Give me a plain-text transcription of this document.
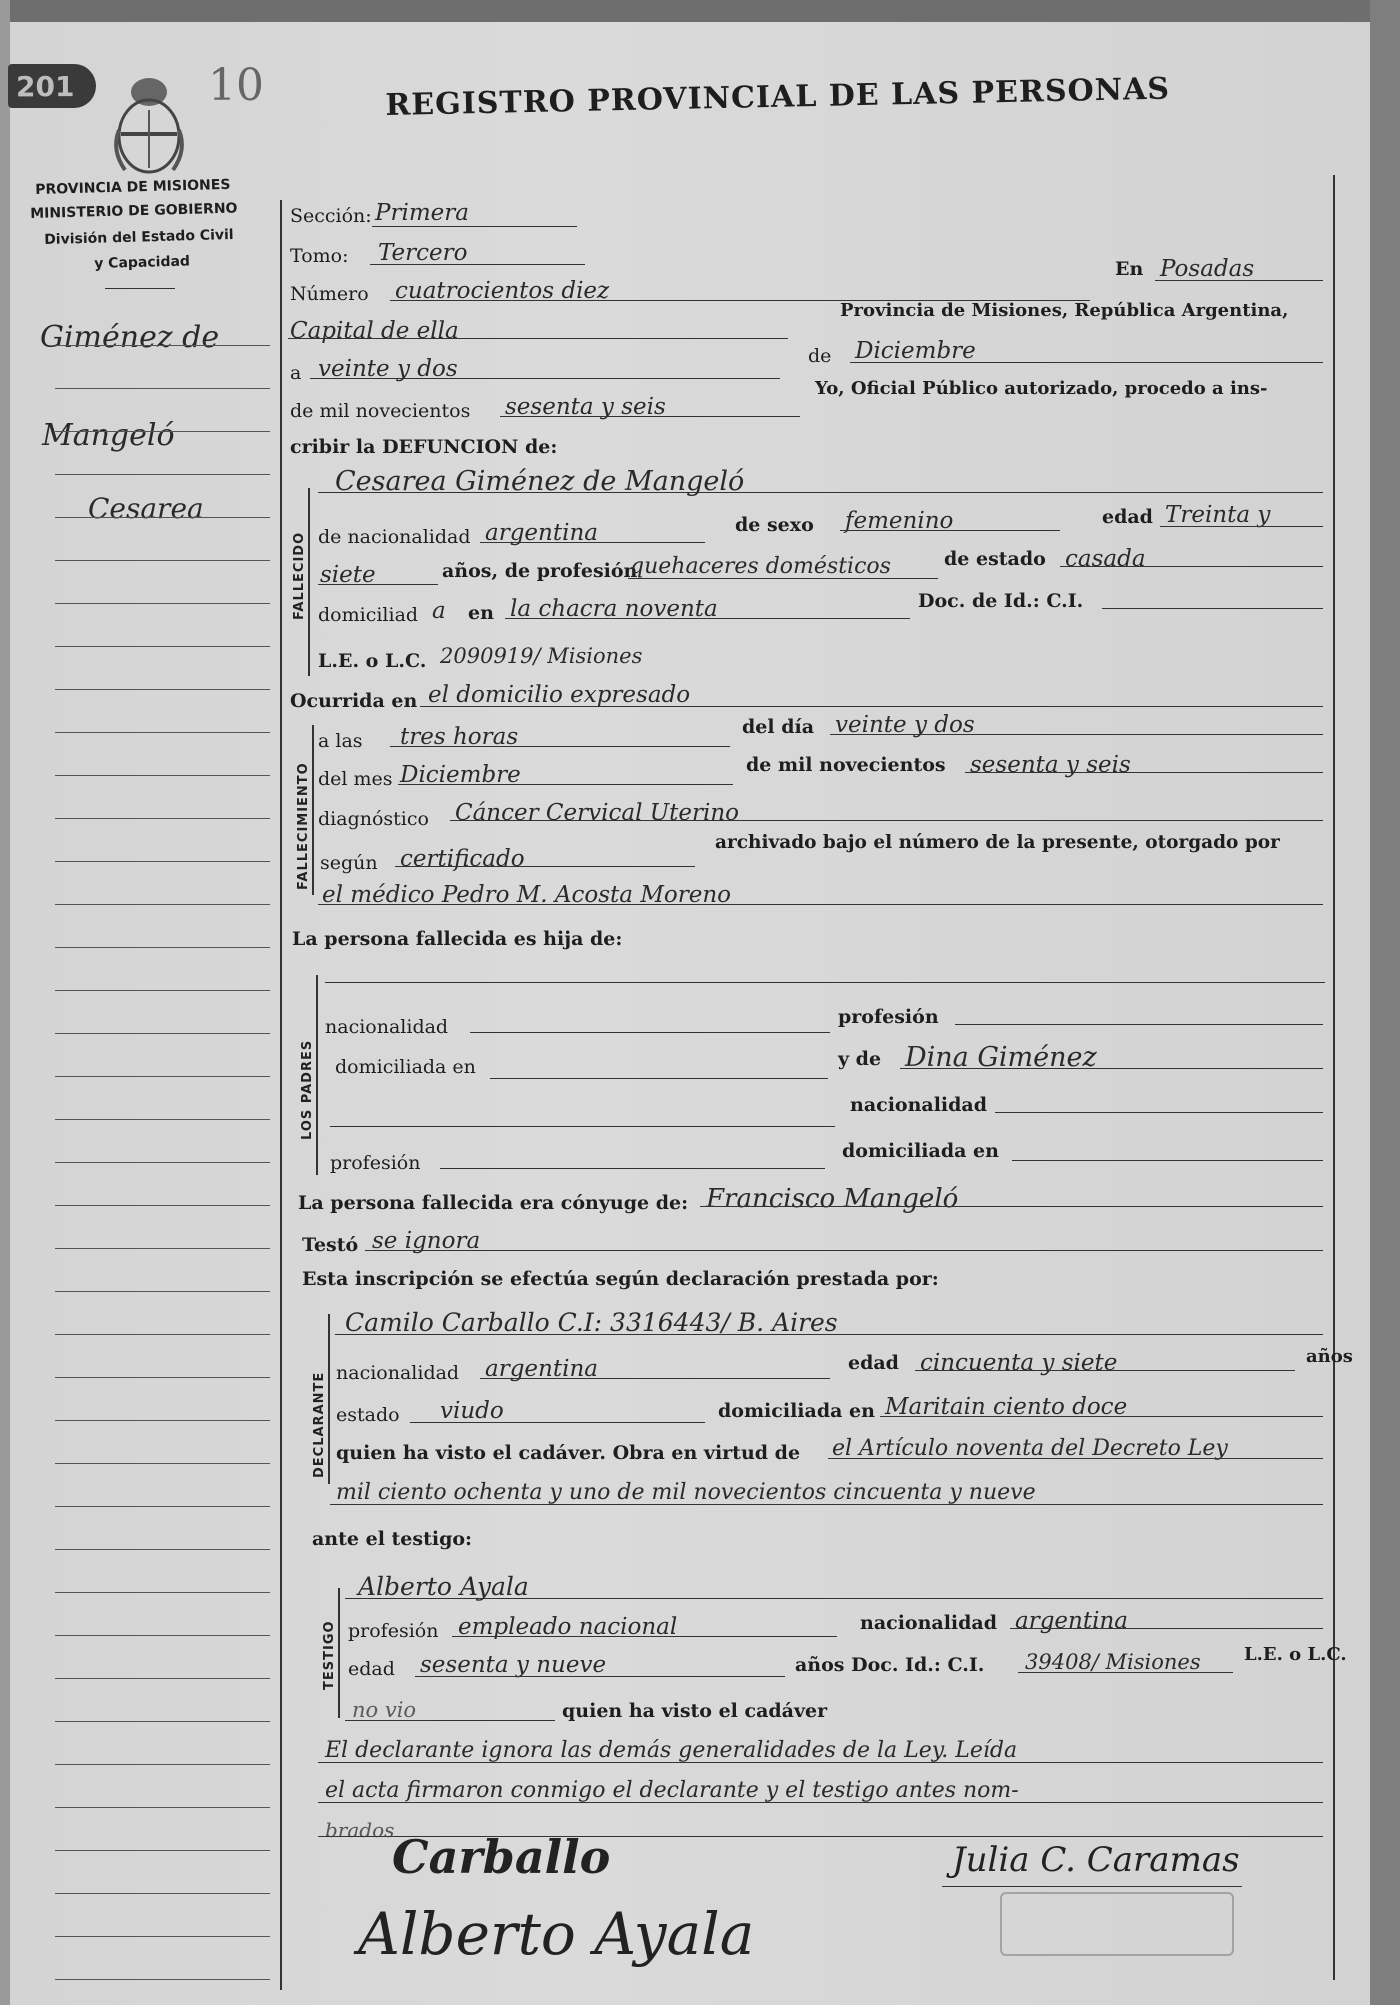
201	10	REGISTRO PROVINCIAL DE LAS PERSONAS
PROVINCIA DE MISIONES
MINISTERIO DE GOBIERNO
División del Estado Civil
y Capacidad
Giménez de
Mangeló
Cesarea
Sección: Primera
Tomo: Tercero
Número cuatrocientos diez
En Posadas
Capital de ella
Provincia de Misiones, República Argentina,
a veinte y dos	de Diciembre
de mil novecientos sesenta y seis
Yo, Oficial Público autorizado, procedo a ins-
cribir la DEFUNCION de:
FALLECIDO
Cesarea Giménez de Mangeló
de nacionalidad argentina	de sexo femenino	edad Treinta y
siete	años, de profesión
quehaceres domésticos	de estado casada
domiciliad a en la chacra noventa	Doc. de Id.: C.I.
L.E. o L.C. 2090919/ Misiones
Ocurrida en el domicilio expresado
FALLECIMIENTO
a las tres horas	del día veinte y dos
del mes Diciembre	de mil novecientos sesenta y seis
diagnóstico Cáncer Cervical Uterino
según certificado
archivado bajo el número de la presente, otorgado por
el médico Pedro M. Acosta Moreno
La persona fallecida es hija de:
LOS PADRES
nacionalidad	profesión
domiciliada en	y de Dina Giménez
nacionalidad
profesión
domiciliada en
La persona fallecida era cónyuge de: Francisco Mangeló
Testó se ignora
Esta inscripción se efectúa según declaración prestada por:
Camilo Carballo C.I: 3316443/ B. Aires
DECLARANTE nacionalidad argentina	edad cincuenta y siete	años
estado viudo	domiciliada en Maritain ciento doce
quien ha visto el cadáver. Obra en virtud de el Artículo noventa del Decreto Ley
mil ciento ochenta y uno de mil novecientos cincuenta y nueve
ante el testigo:
Alberto Ayala
TESTIGO profesión empleado nacional	nacionalidad argentina
edad sesenta y nueve	años Doc. Id.: C.I. 39408/ Misiones L.E. o L.C.
no vio	quien ha visto el cadáver
El declarante ignora las demás generalidades de la Ley. Leída
el acta firmaron conmigo el declarante y el testigo antes nom-
brados
Carballo	Julia C. Caramas
Alberto Ayala
